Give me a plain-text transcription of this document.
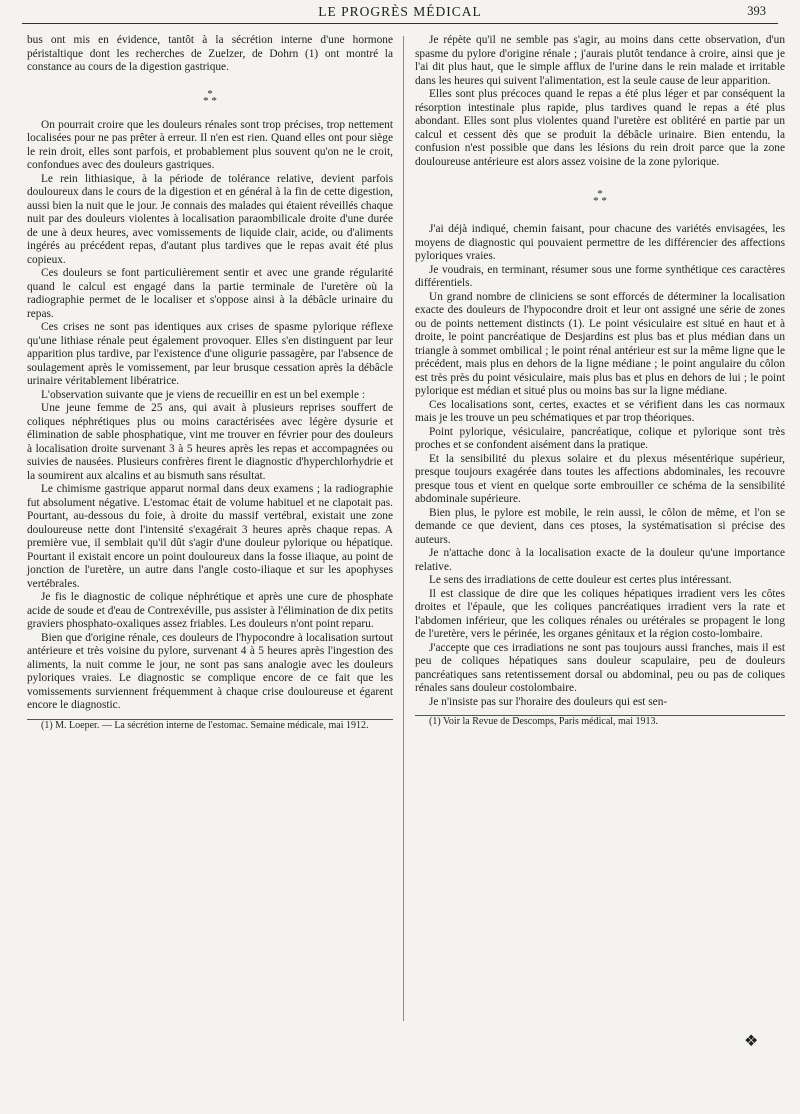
LE PROGRÈS MÉDICAL	393

bus ont mis en évidence, tantôt à la sécrétion interne d'une hormone péristaltique dont les recherches de Zuelzer, de Dohrn (1) ont montré la constance au cours de la digestion gastrique.

*
* *

On pourrait croire que les douleurs rénales sont trop précises, trop nettement localisées pour ne pas prêter à erreur. Il n'en est rien. Quand elles ont pour siège le rein droit, elles sont parfois, et probablement plus souvent qu'on ne le croit, confondues avec des douleurs gastriques.

Le rein lithiasique, à la période de tolérance relative, devient parfois douloureux dans le cours de la digestion et en général à la fin de cette digestion, aussi bien la nuit que le jour. Je connais des malades qui étaient réveillés chaque nuit par des douleurs violentes à localisation paraombilicale droite d'une durée de une à deux heures, avec vomissements de liquide clair, acide, ou d'aliments ingérés au précédent repas, d'autant plus tardives que le repas avait été plus copieux.

Ces douleurs se font particulièrement sentir et avec une grande régularité quand le calcul est engagé dans la partie terminale de l'uretère où la radiographie permet de le localiser et s'oppose ainsi à la débâcle urinaire du repas.

Ces crises ne sont pas identiques aux crises de spasme pylorique réflexe qu'une lithiase rénale peut également provoquer. Elles s'en distinguent par leur apparition plus tardive, par l'existence d'une oligurie passagère, par l'absence de soulagement après le vomissement, par leur brusque cessation après la débâcle urinaire véritablement libératrice.

L'observation suivante que je viens de recueillir en est un bel exemple :

Une jeune femme de 25 ans, qui avait à plusieurs reprises souffert de coliques néphrétiques plus ou moins caractérisées avec légère dysurie et élimination de sable phosphatique, vint me trouver en février pour des douleurs à localisation droite survenant 3 à 5 heures après les repas et accompagnées ou suivies de nausées. Plusieurs confrères firent le diagnostic d'hyperchlorhydrie et la soumirent aux alcalins et au bismuth sans résultat.

Le chimisme gastrique apparut normal dans deux examens ; la radiographie fut absolument négative. L'estomac était de volume habituel et ne clapotait pas. Pourtant, au-dessous du foie, à droite du massif vertébral, existait une zone douloureuse nette dont l'intensité s'exagérait 3 heures après chaque repas. A première vue, il semblait qu'il dût s'agir d'une douleur pylorique ou hépatique. Pourtant il existait encore un point douloureux dans la fosse iliaque, au point de jonction de l'uretère, un autre dans l'angle costo-iliaque et sur les apophyses vertébrales.

Je fis le diagnostic de colique néphrétique et après une cure de phosphate acide de soude et d'eau de Contrexéville, pus assister à l'élimination de dix petits graviers phosphato-oxaliques assez friables. Les douleurs n'ont point reparu.

Bien que d'origine rénale, ces douleurs de l'hypocondre à localisation surtout antérieure et très voisine du pylore, survenant 4 à 5 heures après l'ingestion des aliments, la nuit comme le jour, ne sont pas sans analogie avec les douleurs pyloriques vraies. Le diagnostic se complique encore de ce fait que les vomissements surviennent fréquemment à chaque crise douloureuse et égarent encore le diagnostic.

(1) M. Loeper. — La sécrétion interne de l'estomac. Semaine médicale, mai 1912.

Je répète qu'il ne semble pas s'agir, au moins dans cette observation, d'un spasme du pylore d'origine rénale ; j'aurais plutôt tendance à croire, ainsi que je l'ai dit plus haut, que le simple afflux de l'urine dans le rein malade et irritable dans les heures qui suivent l'alimentation, est la seule cause de leur apparition.

Elles sont plus précoces quand le repas a été plus léger et par conséquent la résorption intestinale plus rapide, plus tardives quand le repas a été plus abondant. Elles sont plus violentes quand l'uretère est oblitéré en partie par un calcul et cessent dès que se produit la débâcle urinaire. Bien entendu, la confusion n'est possible que dans les lésions du rein droit parce que la zone douloureuse antérieure est alors assez voisine de la zone pylorique.

*
* *

J'ai déjà indiqué, chemin faisant, pour chacune des variétés envisagées, les moyens de diagnostic qui pouvaient permettre de les différencier des affections pyloriques vraies.

Je voudrais, en terminant, résumer sous une forme synthétique ces caractères différentiels.

Un grand nombre de cliniciens se sont efforcés de déterminer la localisation exacte des douleurs de l'hypocondre droit et leur ont assigné une série de zones ou de points nettement distincts (1). Le point vésiculaire est situé en haut et à droite, le point pancréatique de Desjardins est plus bas et plus médian dans un triangle à sommet ombilical ; le point rénal antérieur est sur la même ligne que le précédent, mais plus en dehors de la ligne médiane ; le point angulaire du côlon est très près du point vésiculaire, mais plus bas et plus en dehors de lui ; le point pylorique est médian et situé plus ou moins bas sur la ligne médiane.

Ces localisations sont, certes, exactes et se vérifient dans les cas normaux mais je les trouve un peu schématiques et par trop théoriques.

Point pylorique, vésiculaire, pancréatique, colique et pylorique sont très proches et se confondent aisément dans la pratique.

Et la sensibilité du plexus solaire et du plexus mésentérique supérieur, presque toujours exagérée dans toutes les affections abdominales, les recouvre presque tous et vient en quelque sorte embrouiller ce schéma de la sensibilité abdominale supérieure.

Bien plus, le pylore est mobile, le rein aussi, le côlon de même, et l'on se demande ce que devient, dans ces ptoses, la systématisation si précise des auteurs.

Je n'attache donc à la localisation exacte de la douleur qu'une importance relative.

Le sens des irradiations de cette douleur est certes plus intéressant.

Il est classique de dire que les coliques hépatiques irradient vers les côtes droites et l'épaule, que les coliques pancréatiques irradient vers la rate et l'abdomen inférieur, que les coliques rénales ou urétérales se propagent le long de l'uretère, vers le périnée, les organes génitaux et la région costo-lombaire.

J'accepte que ces irradiations ne sont pas toujours aussi franches, mais il est peu de coliques hépatiques sans douleur scapulaire, peu de douleurs pancréatiques sans retentissement dorsal ou abdominal, peu ou pas de coliques rénales sans douleur costolombaire.

Je n'insiste pas sur l'horaire des douleurs qui est sen-

(1) Voir la Revue de Descomps, Paris médical, mai 1913.

❖
